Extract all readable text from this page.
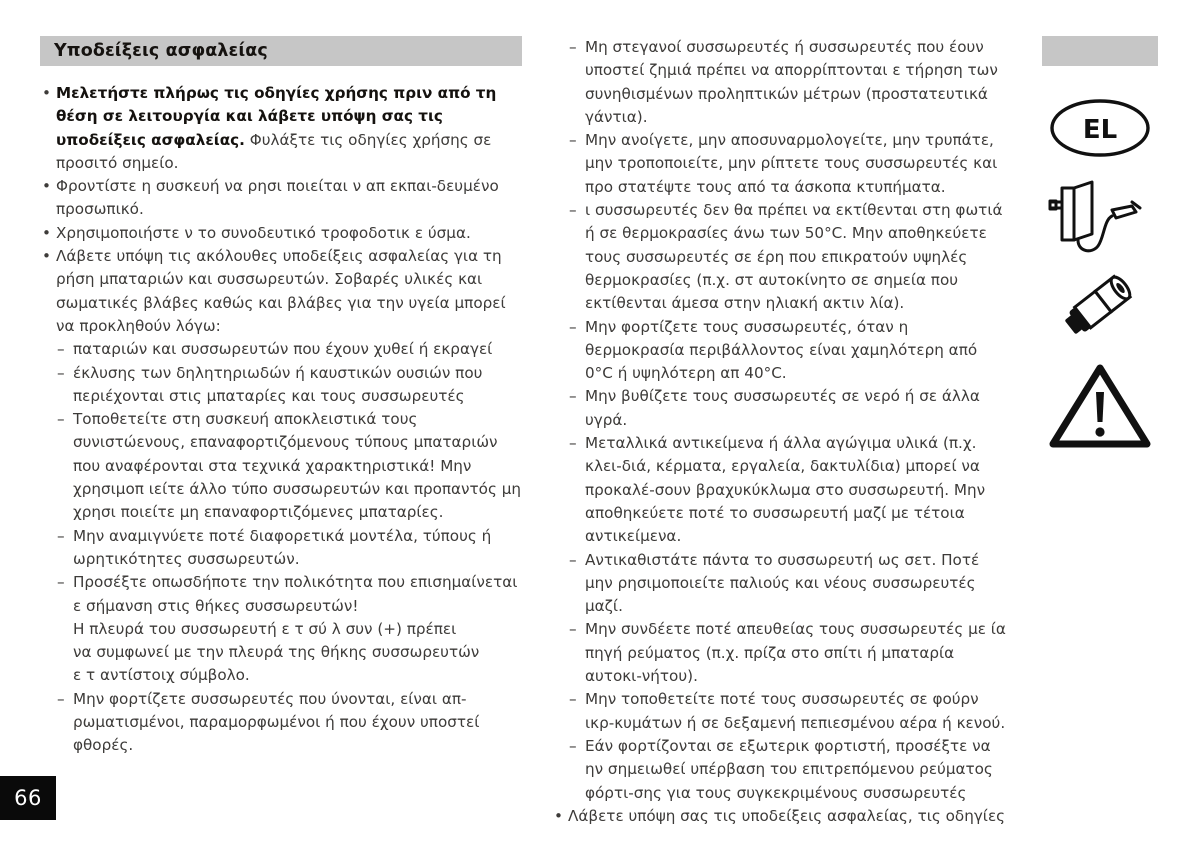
Υποδείξεις ασφαλείας
• Μελετήστε πλήρως τις οδηγίες χρήσης πριν από τη θέση σε λειτουργία και λάβετε υπόψη σας τις υποδείξεις ασφαλείας. Φυλάξτε τις οδηγίες χρήσης σε προσιτό σημείο.
• Φροντίστε η συσκευή να ρησι ποιείται ν απ εκπαι-δευμένο προσωπικό.
• Χρησιμοποιήστε ν το συνοδευτικό τροφοδοτικ ε ύσμα.
• Λάβετε υπόψη τις ακόλουθες υποδείξεις ασφαλείας για τη ρήση μπαταριών και συσσωρευτών. Σοβαρές υλικές και σωματικές βλάβες καθώς και βλάβες για την υγεία μπορεί να προκληθούν λόγω:
– παταριών και συσσωρευτών που έχουν χυθεί ή εκραγεί
– έκλυσης των δηλητηριωδών ή καυστικών ουσιών που περιέχονται στις μπαταρίες και τους συσσωρευτές
– Τοποθετείτε στη συσκευή αποκλειστικά τους συνιστώενους, επαναφορτιζόμενους τύπους μπαταριών που αναφέρονται στα τεχνικά χαρακτηριστικά! Μην χρησιμοπ ιείτε άλλο τύπο συσσωρευτών και προπαντός μη χρησι ποιείτε μη επαναφορτιζόμενες μπαταρίες.
– Μην αναμιγνύετε ποτέ διαφορετικά μοντέλα, τύπους ή ωρητικότητες συσσωρευτών.
– Προσέξτε οπωσδήποτε την πολικότητα που επισημαίνεται
ε σήμανση στις θήκες συσσωρευτών!
Η πλευρά του συσσωρευτή ε τ σύ λ συν (+) πρέπει
να συμφωνεί με την πλευρά της θήκης συσσωρευτών
ε τ αντίστοιχ σύμβολο.
– Μην φορτίζετε συσσωρευτές που ύνονται, είναι απ-ρωματισμένοι, παραμορφωμένοι ή που έχουν υποστεί φθορές.
– Μη στεγανοί συσσωρευτές ή συσσωρευτές που έουν υποστεί ζημιά πρέπει να απορρίπτονται ε τήρηση των συνηθισμένων προληπτικών μέτρων (προστατευτικά γάντια).
– Μην ανοίγετε, μην αποσυναρμολογείτε, μην τρυπάτε, μην τροποποιείτε, μην ρίπτετε τους συσσωρευτές και προ στατέψτε τους από τα άσκοπα κτυπήματα.
– ι συσσωρευτές δεν θα πρέπει να εκτίθενται στη φωτιά ή σε θερμοκρασίες άνω των 50°C. Μην αποθηκεύετε τους συσσωρευτές σε έρη που επικρατούν υψηλές θερμοκρασίες (π.χ. στ αυτοκίνητο σε σημεία που εκτίθενται άμεσα στην ηλιακή ακτιν λία).
– Μην φορτίζετε τους συσσωρευτές, όταν η θερμοκρασία περιβάλλοντος είναι χαμηλότερη από 0°C ή υψηλότερη απ 40°C.
– Μην βυθίζετε τους συσσωρευτές σε νερό ή σε άλλα υγρά.
– Μεταλλικά αντικείμενα ή άλλα αγώγιμα υλικά (π.χ. κλει-διά, κέρματα, εργαλεία, δακτυλίδια) μπορεί να προκαλέ-σουν βραχυκύκλωμα στο συσσωρευτή. Μην αποθηκεύετε ποτέ το συσσωρευτή μαζί με τέτοια αντικείμενα.
– Αντικαθιστάτε πάντα το συσσωρευτή ως σετ. Ποτέ μην ρησιμοποιείτε παλιούς και νέους συσσωρευτές μαζί.
– Μην συνδέετε ποτέ απευθείας τους συσσωρευτές με ία πηγή ρεύματος (π.χ. πρίζα στο σπίτι ή μπαταρία αυτοκι-νήτου).
– Μην τοποθετείτε ποτέ τους συσσωρευτές σε φούρν ικρ-κυμάτων ή σε δεξαμενή πεπιεσμένου αέρα ή κενού.
– Εάν φορτίζονται σε εξωτερικ φορτιστή, προσέξτε να ην σημειωθεί υπέρβαση του επιτρεπόμενου ρεύματος φόρτι-σης για τους συγκεκριμένους συσσωρευτές
• Λάβετε υπόψη σας τις υποδείξεις ασφαλείας, τις οδηγίες
EL
66
